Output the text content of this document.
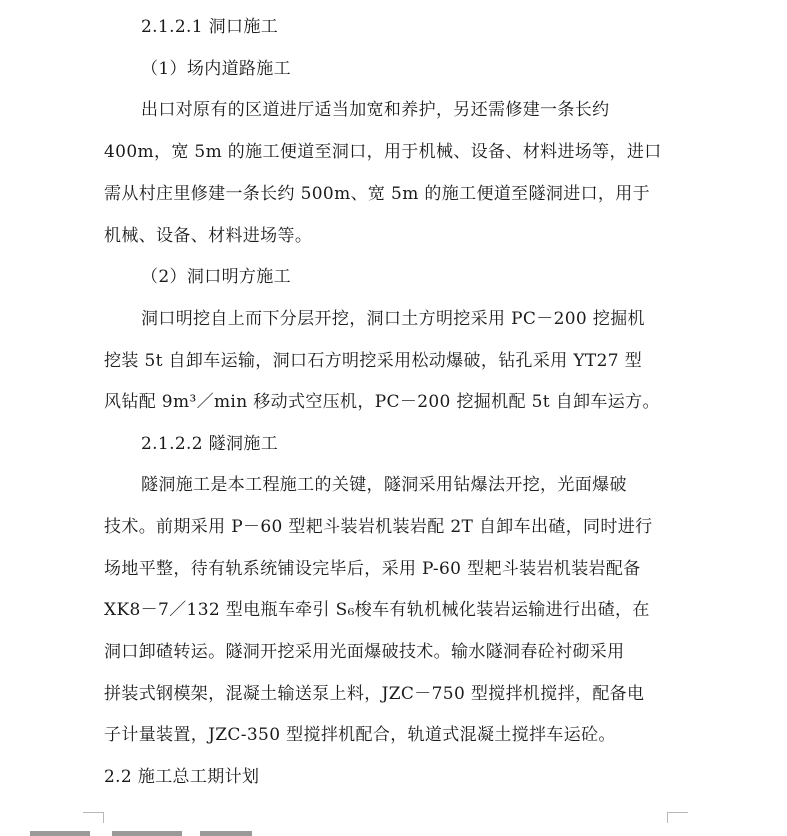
2.1.2.1 洞口施工
（1）场内道路施工
出口对原有的区道进厅适当加宽和养护，另还需修建一条长约
400m，宽 5m 的施工便道至洞口，用于机械、设备、材料进场等，进口
需从村庄里修建一条长约 500m、宽 5m 的施工便道至隧洞进口，用于
机械、设备、材料进场等。
（2）洞口明方施工
洞口明挖自上而下分层开挖，洞口土方明挖采用 PC－200 挖掘机
挖装 5t 自卸车运输，洞口石方明挖采用松动爆破，钻孔采用 YT27 型
风钻配 9m³／min 移动式空压机，PC－200 挖掘机配 5t 自卸车运方。
2.1.2.2 隧洞施工
隧洞施工是本工程施工的关键，隧洞采用钻爆法开挖，光面爆破
技术。前期采用 P－60 型耙斗装岩机装岩配 2T 自卸车出碴，同时进行
场地平整，待有轨系统铺设完毕后，采用 P-60 型耙斗装岩机装岩配备
XK8－7／132 型电瓶车牵引 S₆梭车有轨机械化装岩运输进行出碴，在
洞口卸碴转运。隧洞开挖采用光面爆破技术。输水隧洞春砼衬砌采用
拼装式钢模架，混凝土输送泵上料，JZC－750 型搅拌机搅拌，配备电
子计量装置，JZC-350 型搅拌机配合，轨道式混凝土搅拌车运砼。
2.2 施工总工期计划
